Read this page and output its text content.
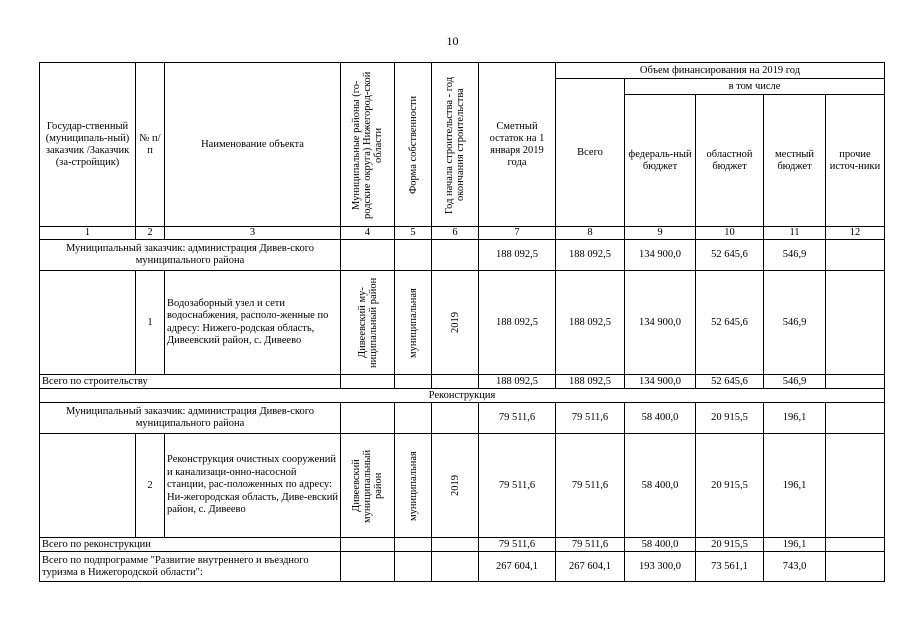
10
Государ-ственный (муниципаль-ный) заказчик /Заказчик (за-стройщик)	№ п/п	Наименование объекта	Муниципальные районы (го-родские округа) Нижегород-ской области	Форма собственности	Год начала строительства - год окончания строительства	Сметный остаток на 1 января 2019 года	Объем финансирования на 2019 год				
							Всего	в том числе			
								федераль-ный бюджет	областной бюджет	местный бюджет	прочие источ-ники
1	2	3	4	5	6	7	8	9	10	11	12
Муниципальный заказчик: администрация Дивев-ского муниципального района						188 092,5	188 092,5	134 900,0	52 645,6	546,9	
	1	Водозаборный узел и сети водоснабжения, располо-женные по адресу: Нижего-родская область, Дивеевский район, с. Дивеево	Дивеевский му-ниципальный район	муниципальная	2019	188 092,5	188 092,5	134 900,0	52 645,6	546,9	
Всего по строительству						188 092,5	188 092,5	134 900,0	52 645,6	546,9	
Реконструкция											
Муниципальный заказчик: администрация Дивев-ского муниципального района						79 511,6	79 511,6	58 400,0	20 915,5	196,1	
	2	Реконструкция очистных сооружений и канализаци-онно-насосной станции, рас-положенных по адресу: Ни-жегородская область, Диве-евский район, с. Дивеево	Дивеевский муниципальный район	муниципальная	2019	79 511,6	79 511,6	58 400,0	20 915,5	196,1	
Всего по реконструкции						79 511,6	79 511,6	58 400,0	20 915,5	196,1	
Всего по подпрограмме "Развитие внутреннего и въездного туризма в Нижегородской области":						267 604,1	267 604,1	193 300,0	73 561,1	743,0	
